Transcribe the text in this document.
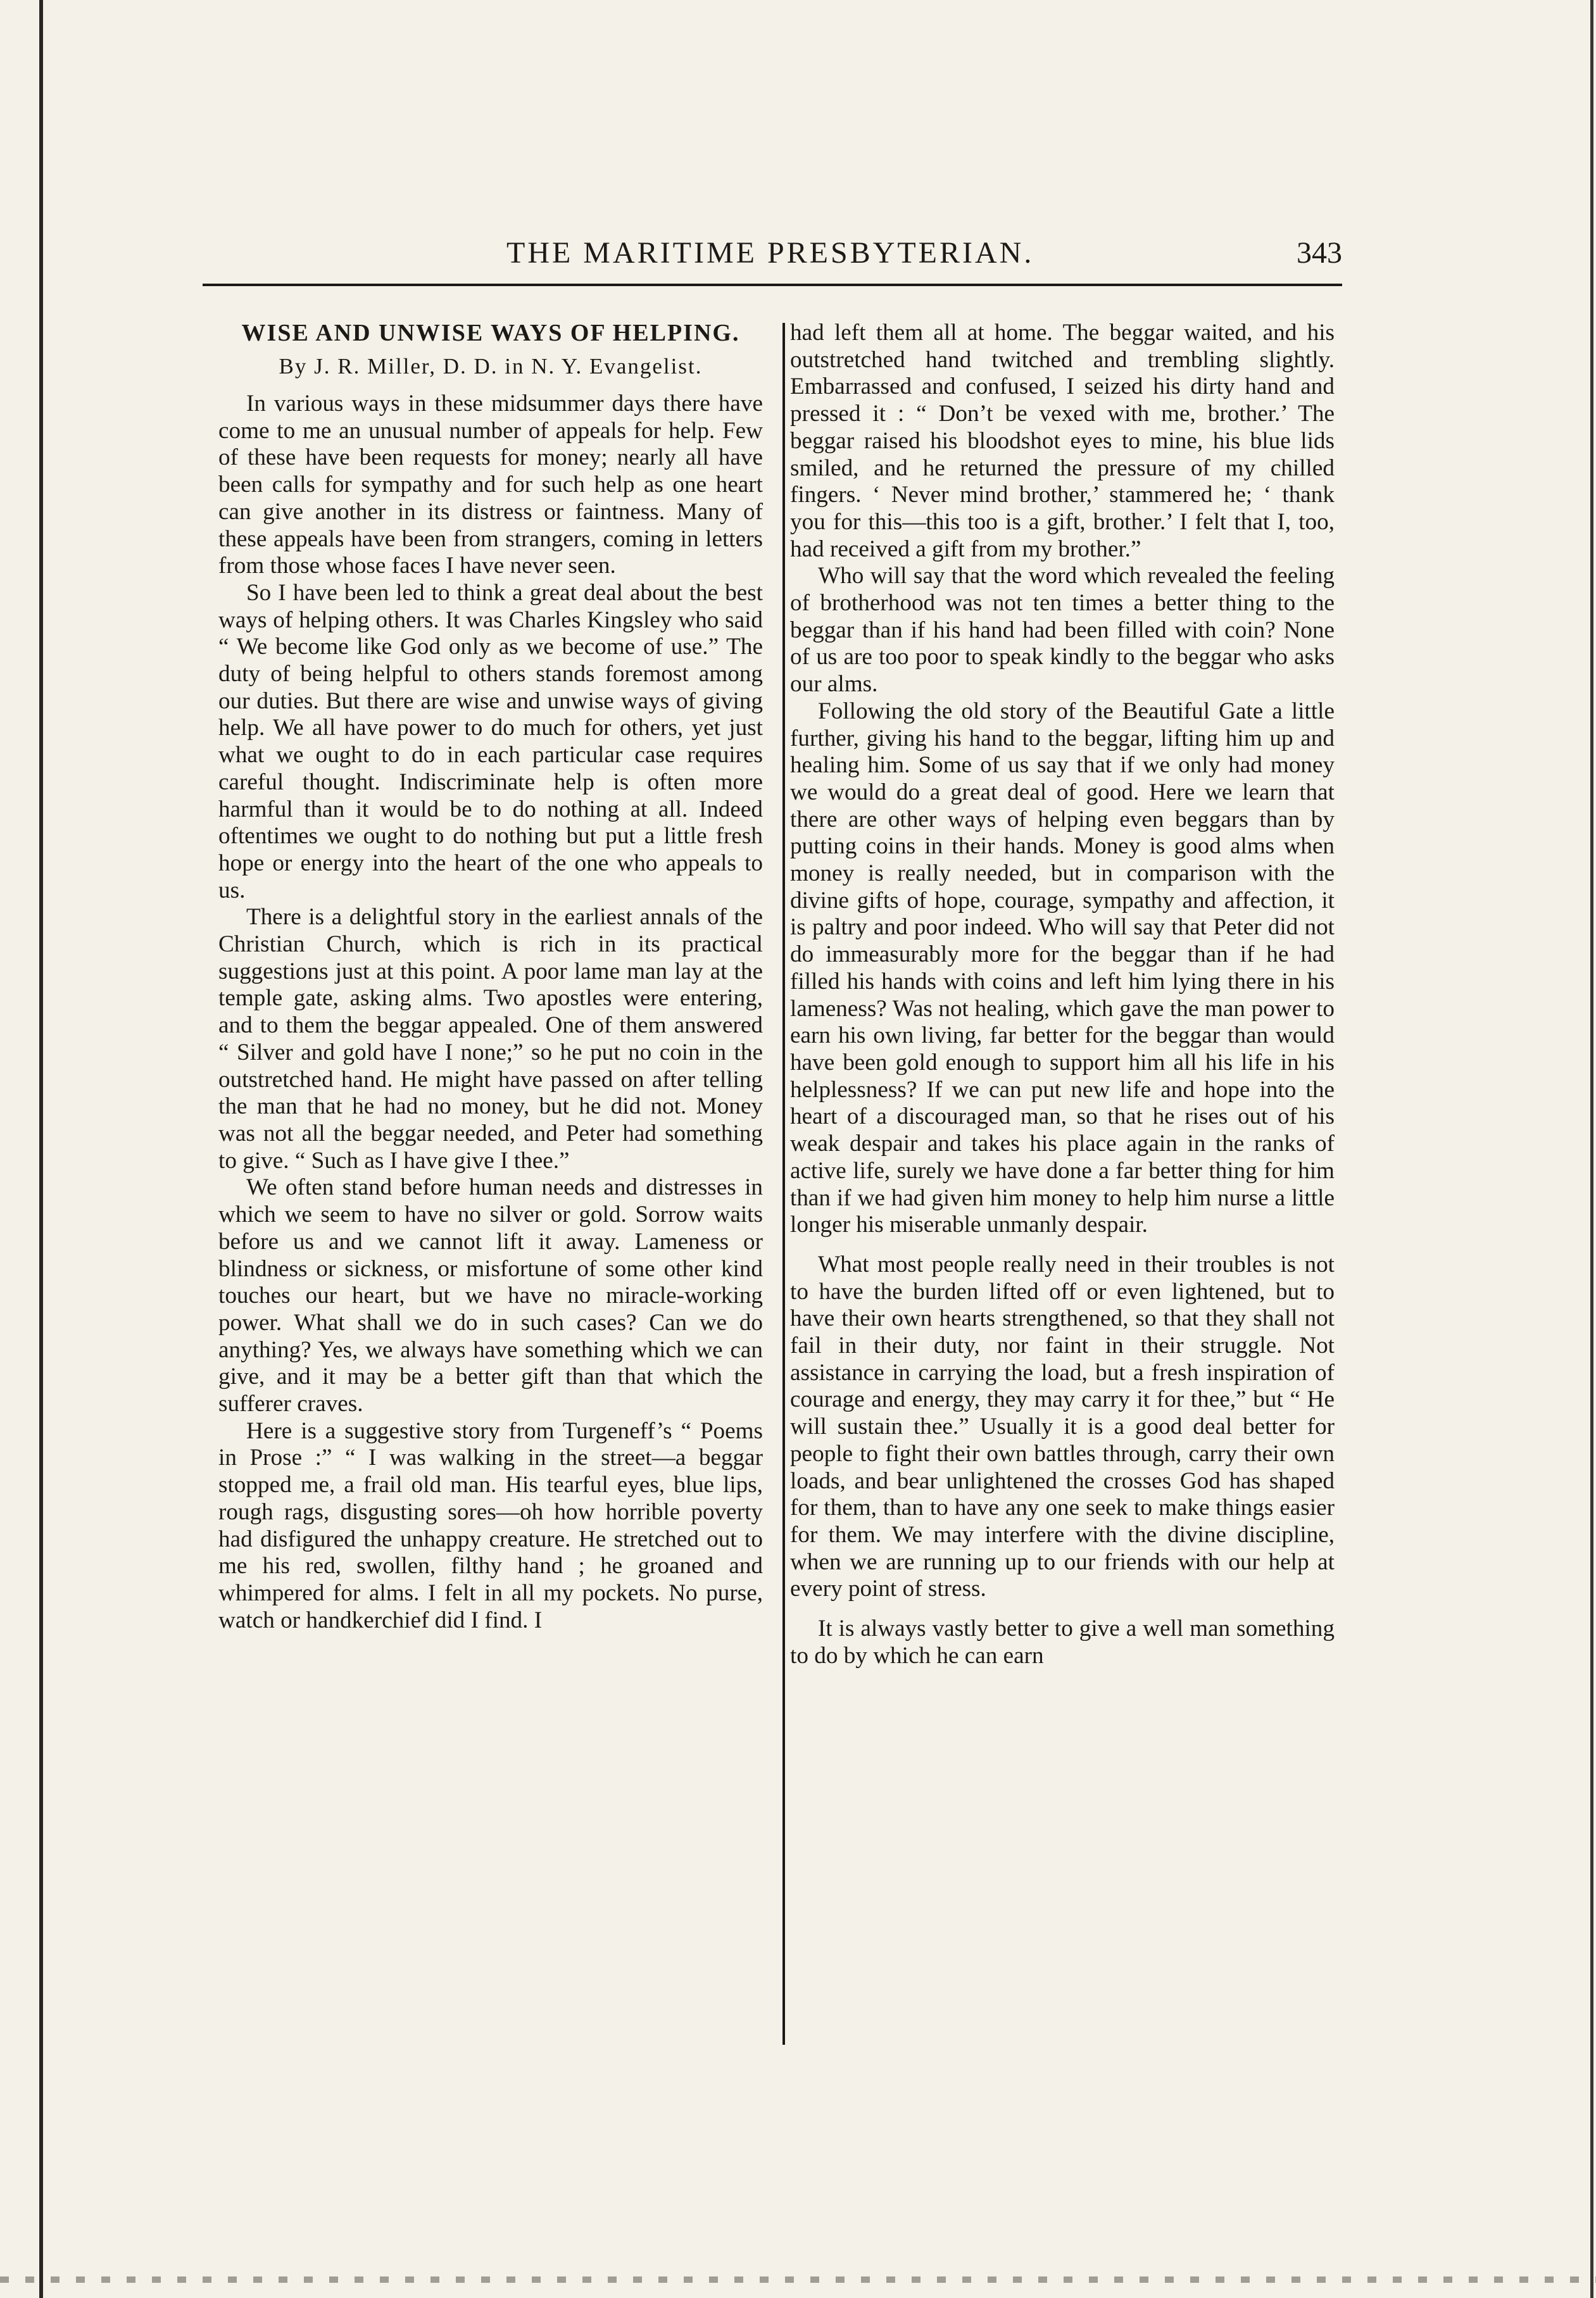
THE MARITIME PRESBYTERIAN.	343
WISE AND UNWISE WAYS OF HELPING.
By J. R. Miller, D. D. in N. Y. Evangelist.

In various ways in these midsummer days there have come to me an unusual number of appeals for help. Few of these have been requests for money; nearly all have been calls for sympathy and for such help as one heart can give another in its distress or faintness. Many of these appeals have been from strangers, coming in letters from those whose faces I have never seen.

So I have been led to think a great deal about the best ways of helping others. It was Charles Kingsley who said “ We become like God only as we become of use.” The duty of being helpful to others stands foremost among our duties. But there are wise and unwise ways of giving help. We all have power to do much for others, yet just what we ought to do in each particular case requires careful thought. Indiscriminate help is often more harmful than it would be to do nothing at all. Indeed oftentimes we ought to do nothing but put a little fresh hope or energy into the heart of the one who appeals to us.

There is a delightful story in the earliest annals of the Christian Church, which is rich in its practical suggestions just at this point. A poor lame man lay at the temple gate, asking alms. Two apostles were entering, and to them the beggar appealed. One of them answered “ Silver and gold have I none;” so he put no coin in the outstretched hand. He might have passed on after telling the man that he had no money, but he did not. Money was not all the beggar needed, and Peter had something to give. “ Such as I have give I thee.”

We often stand before human needs and distresses in which we seem to have no silver or gold. Sorrow waits before us and we cannot lift it away. Lameness or blindness or sickness, or misfortune of some other kind touches our heart, but we have no miracle-working power. What shall we do in such cases? Can we do anything? Yes, we always have something which we can give, and it may be a better gift than that which the sufferer craves.

Here is a suggestive story from Turgeneff’s “ Poems in Prose :” “ I was walking in the street—a beggar stopped me, a frail old man. His tearful eyes, blue lips, rough rags, disgusting sores—oh how horrible poverty had disfigured the unhappy creature. He stretched out to me his red, swollen, filthy hand ; he groaned and whimpered for alms. I felt in all my pockets. No purse, watch or handkerchief did I find. I

had left them all at home. The beggar waited, and his outstretched hand twitched and trembling slightly. Embarrassed and confused, I seized his dirty hand and pressed it : “ Don’t be vexed with me, brother.’ The beggar raised his bloodshot eyes to mine, his blue lids smiled, and he returned the pressure of my chilled fingers. ‘ Never mind brother,’ stammered he; ‘ thank you for this—this too is a gift, brother.’ I felt that I, too, had received a gift from my brother.”

Who will say that the word which revealed the feeling of brotherhood was not ten times a better thing to the beggar than if his hand had been filled with coin? None of us are too poor to speak kindly to the beggar who asks our alms.

Following the old story of the Beautiful Gate a little further, giving his hand to the beggar, lifting him up and healing him. Some of us say that if we only had money we would do a great deal of good. Here we learn that there are other ways of helping even beggars than by putting coins in their hands. Money is good alms when money is really needed, but in comparison with the divine gifts of hope, courage, sympathy and affection, it is paltry and poor indeed. Who will say that Peter did not do immeasurably more for the beggar than if he had filled his hands with coins and left him lying there in his lameness? Was not healing, which gave the man power to earn his own living, far better for the beggar than would have been gold enough to support him all his life in his helplessness? If we can put new life and hope into the heart of a discouraged man, so that he rises out of his weak despair and takes his place again in the ranks of active life, surely we have done a far better thing for him than if we had given him money to help him nurse a little longer his miserable unmanly despair.

What most people really need in their troubles is not to have the burden lifted off or even lightened, but to have their own hearts strengthened, so that they shall not fail in their duty, nor faint in their struggle. Not assistance in carrying the load, but a fresh inspiration of courage and energy, they may carry it for thee,” but “ He will sustain thee.” Usually it is a good deal better for people to fight their own battles through, carry their own loads, and bear unlightened the crosses God has shaped for them, than to have any one seek to make things easier for them. We may interfere with the divine discipline, when we are running up to our friends with our help at every point of stress.

It is always vastly better to give a well man something to do by which he can earn
